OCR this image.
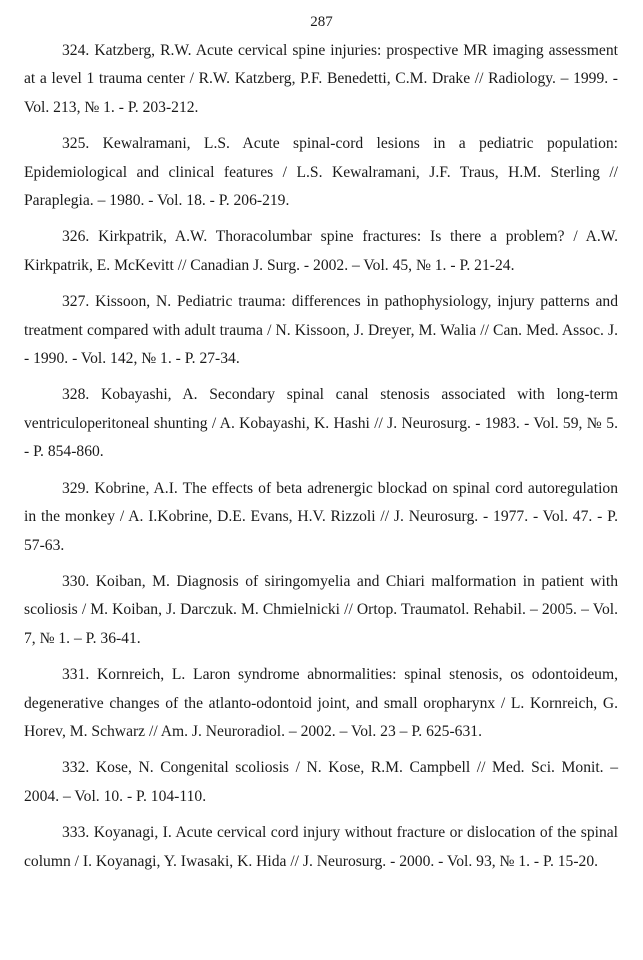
287

324. Katzberg, R.W. Acute cervical spine injuries: prospective MR imaging assessment at a level 1 trauma center / R.W. Katzberg, P.F. Benedetti, C.M. Drake // Radiology. – 1999. - Vol. 213, № 1. - P. 203-212.

325. Kewalramani, L.S. Acute spinal-cord lesions in a pediatric population: Epidemiological and clinical features / L.S. Kewalramani, J.F. Traus, H.M. Sterling // Paraplegia. – 1980. - Vol. 18. - P. 206-219.

326. Kirkpatrik, A.W. Thoracolumbar spine fractures: Is there a problem? / A.W. Kirkpatrik, E. McKevitt // Canadian J. Surg. - 2002. – Vol. 45, № 1. - P. 21-24.

327. Kissoon, N. Pediatric trauma: differences in pathophysiology, injury patterns and treatment compared with adult trauma / N. Kissoon, J. Dreyer, M. Walia // Can. Med. Assoc. J. - 1990. - Vol. 142, № 1. - P. 27-34.

328. Kobayashi, A. Secondary spinal canal stenosis associated with long-term ventriculoperitoneal shunting / A. Kobayashi, K. Hashi // J. Neurosurg. - 1983. - Vol. 59, № 5. - P. 854-860.

329. Kobrine, A.I. The effects of beta adrenergic blockad on spinal cord autoregulation in the monkey / A. I.Kobrine, D.E. Evans, H.V. Rizzoli // J. Neurosurg. - 1977. - Vol. 47. - P. 57-63.

330. Koiban, M. Diagnosis of siringomyelia and Chiari malformation in patient with scoliosis / M. Koiban, J. Darczuk. M. Chmielnicki // Ortop. Traumatol. Rehabil. – 2005. – Vol. 7, № 1. – P. 36-41.

331. Kornreich, L. Laron syndrome abnormalities: spinal stenosis, os odontoideum, degenerative changes of the atlanto-odontoid joint, and small oropharynx / L. Kornreich, G. Horev, M. Schwarz // Am. J. Neuroradiol. – 2002. – Vol. 23 – P. 625-631.

332. Kose, N. Congenital scoliosis / N. Kose, R.M. Campbell // Med. Sci. Monit. – 2004. – Vol. 10. - P. 104-110.

333. Koyanagi, I. Acute cervical cord injury without fracture or dislocation of the spinal column / I. Koyanagi, Y. Iwasaki, K. Hida // J. Neurosurg. - 2000. - Vol. 93, № 1. - P. 15-20.
